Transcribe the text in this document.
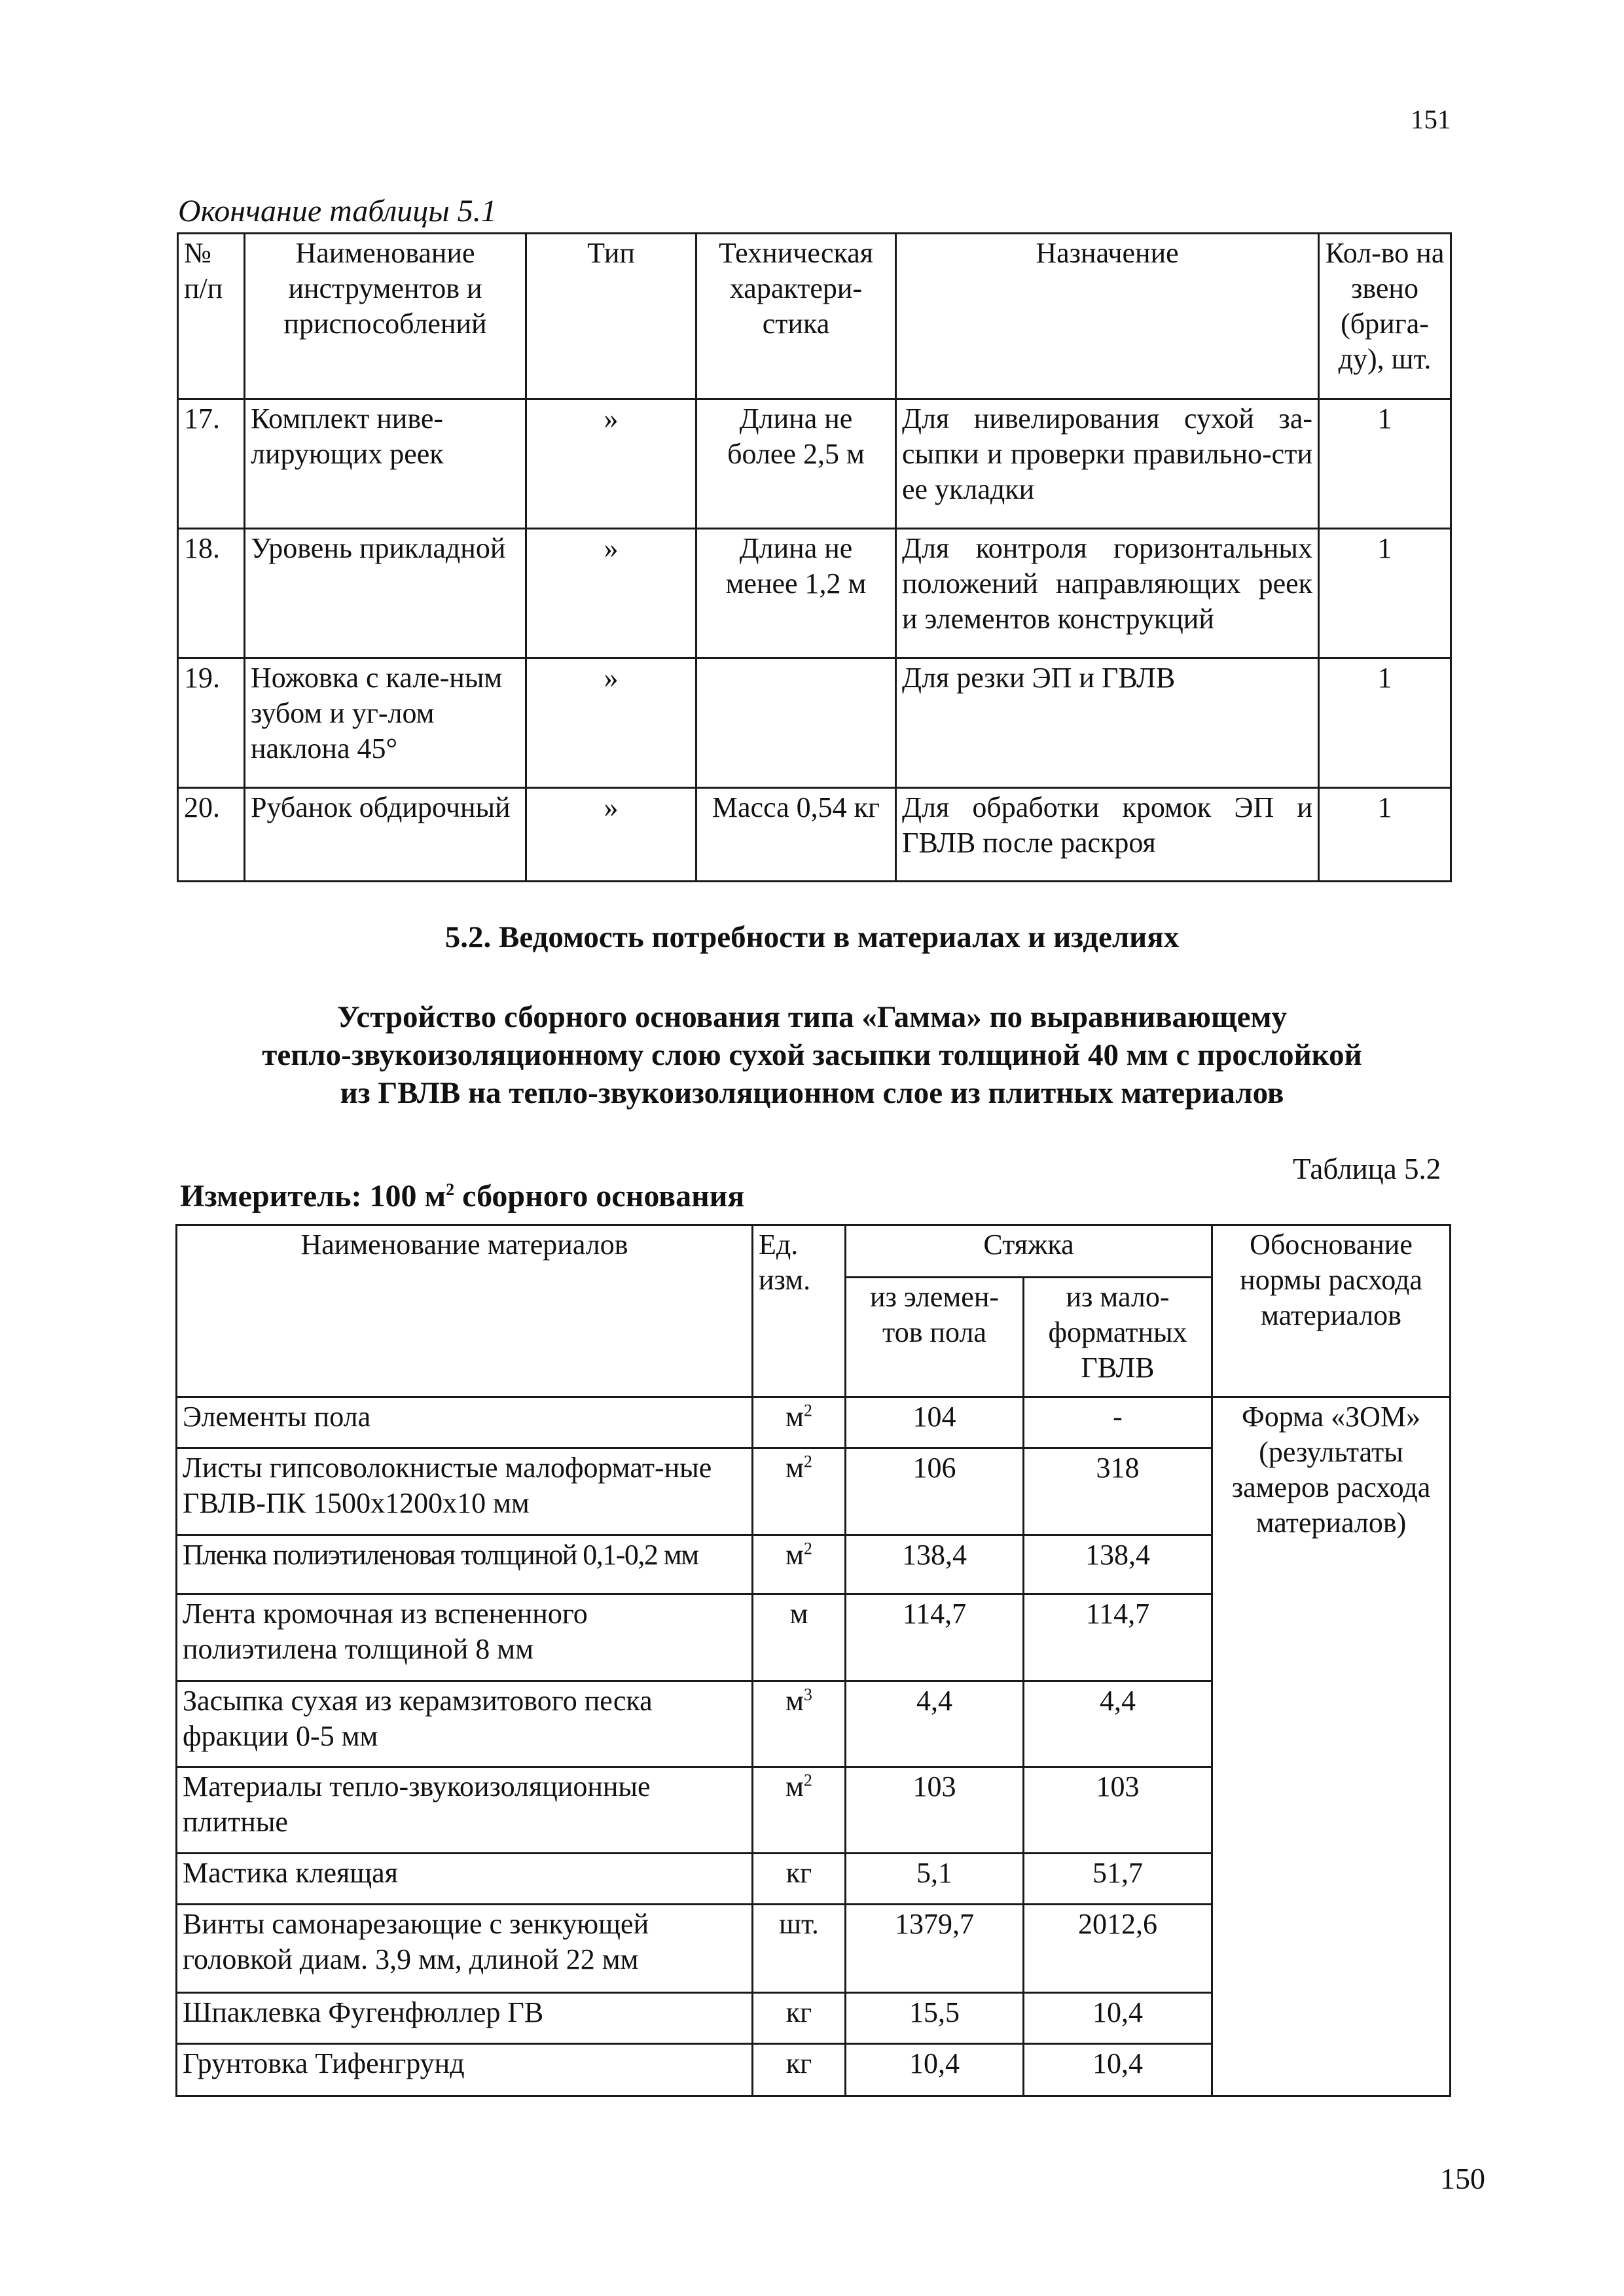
151
Окончание таблицы 5.1
№ п/п	Наименование инструментов и приспособлений	Тип	Техническая характери-стика	Назначение	Кол-во на звено (брига-ду), шт.
17.	Комплект ниве-лирующих реек	»	Длина не более 2,5 м	Для нивелирования сухой за-сыпки и проверки правильно-сти ее укладки	1
18.	Уровень прикладной	»	Длина не менее 1,2 м	Для контроля горизонтальных положений направляющих реек и элементов конструкций	1
19.	Ножовка с кале-ным зубом и уг-лом наклона 45°	»		Для резки ЭП и ГВЛВ	1
20.	Рубанок обдирочный	»	Масса 0,54 кг	Для обработки кромок ЭП и ГВЛВ после раскроя	1
5.2. Ведомость потребности в материалах и изделиях
Устройство сборного основания типа «Гамма» по выравнивающему
тепло-звукоизоляционному слою сухой засыпки толщиной 40 мм с прослойкой
из ГВЛВ на тепло-звукоизоляционном слое из плитных материалов
Таблица 5.2
Измеритель: 100 $м^2$ сборного основания
Наименование материалов	Ед. изм.	Стяжка		Обоснование нормы расхода материалов
		из элемен-тов пола	из мало-форматных ГВЛВ	
Элементы пола	$м^2$	104	-	Форма «ЗОМ» (результаты замеров расхода материалов)
Листы гипсоволокнистые малоформат-ные ГВЛВ-ПК 1500х1200х10 мм	$м^2$	106	318	
Пленка полиэтиленовая толщиной 0,1-0,2 мм	$м^2$	138,4	138,4	
Лента кромочная из вспененного полиэтилена толщиной 8 мм	м	114,7	114,7	
Засыпка сухая из керамзитового песка фракции 0-5 мм	$м^3$	4,4	4,4	
Материалы тепло-звукоизоляционные плитные	$м^2$	103	103	
Мастика клеящая	кг	5,1	51,7	
Винты самонарезающие с зенкующей головкой диам. 3,9 мм, длиной 22 мм	шт.	1379,7	2012,6	
Шпаклевка Фугенфюллер ГВ	кг	15,5	10,4	
Грунтовка Тифенгрунд	кг	10,4	10,4	
150
